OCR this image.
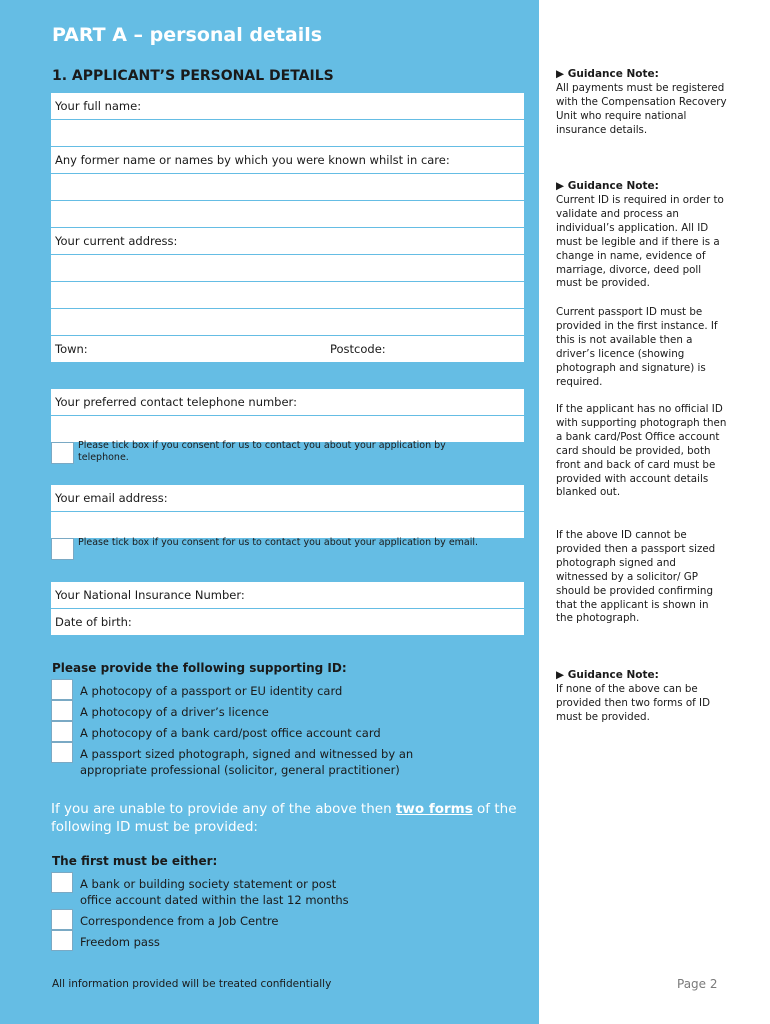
PART A – personal details
1. APPLICANT’S PERSONAL DETAILS
Your full name:
Any former name or names by which you were known whilst in care:
Your current address:
Town:	Postcode:
Your preferred contact telephone number:
Please tick box if you consent for us to contact you about your application by telephone.
Your email address:
Please tick box if you consent for us to contact you about your application by email.
Your National Insurance Number:
Date of birth:
Please provide the following supporting ID:
A photocopy of a passport or EU identity card
A photocopy of a driver’s licence
A photocopy of a bank card/post office account card
A passport sized photograph, signed and witnessed by an appropriate professional (solicitor, general practitioner)
If you are unable to provide any of the above then two forms of the following ID must be provided:
The first must be either:
A bank or building society statement or post office account dated within the last 12 months
Correspondence from a Job Centre
Freedom pass
All information provided will be treated confidentially
▶ Guidance Note:
All payments must be registered with the Compensation Recovery Unit who require national insurance details.
▶ Guidance Note:
Current ID is required in order to validate and process an individual’s application. All ID must be legible and if there is a change in name, evidence of marriage, divorce, deed poll must be provided.
Current passport ID must be provided in the first instance. If this is not available then a driver’s licence (showing photograph and signature) is required.
If the applicant has no official ID with supporting photograph then a bank card/Post Office account card should be provided, both front and back of card must be provided with account details blanked out.
If the above ID cannot be provided then a passport sized photograph signed and witnessed by a solicitor/ GP should be provided confirming that the applicant is shown in the photograph.
▶ Guidance Note:
If none of the above can be provided then two forms of ID must be provided.
Page 2
